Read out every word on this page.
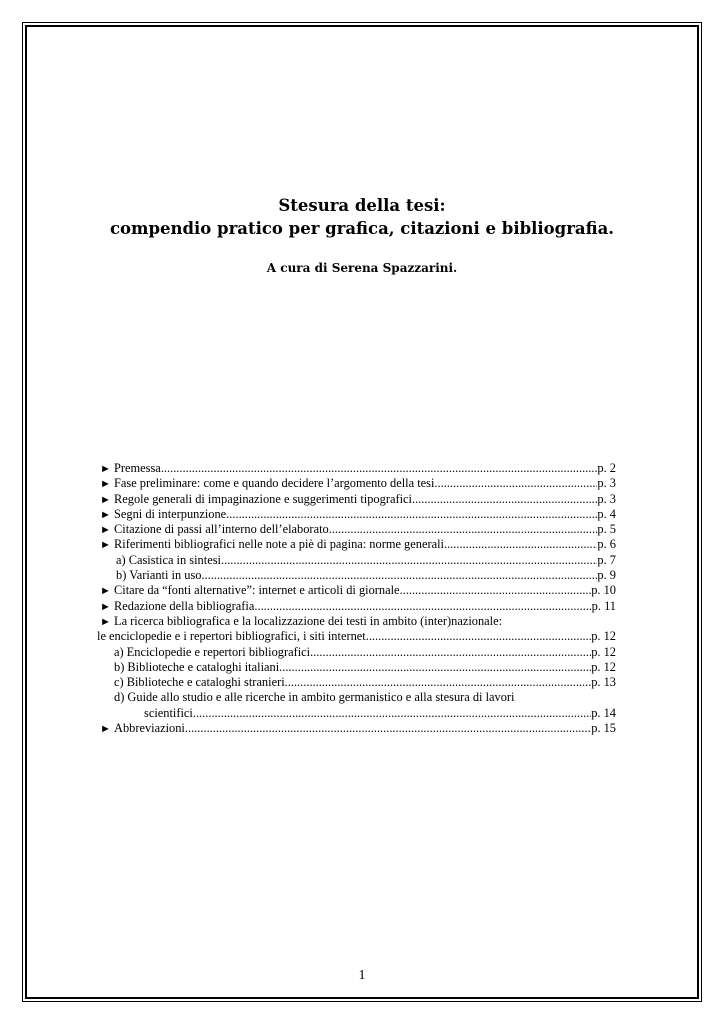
Stesura della tesi:
compendio pratico per grafica, citazioni e bibliografia.
A cura di Serena Spazzarini.
► Premessa .....	p. 2
► Fase preliminare: come e quando decidere l’argomento della tesi .....	p. 3
► Regole generali di impaginazione e suggerimenti tipografici .....	p. 3
► Segni di interpunzione .....	p. 4
► Citazione di passi all’interno dell’elaborato .....	p. 5
► Riferimenti bibliografici nelle note a piè di pagina: norme generali .....	p. 6
a) Casistica in sintesi .....	p. 7
b) Varianti in uso .....	p. 9
► Citare da “fonti alternative”: internet e articoli di giornale .....	p. 10
► Redazione della bibliografia .....	p. 11
► La ricerca bibliografica e la localizzazione dei testi in ambito (inter)nazionale:
le enciclopedie e i repertori bibliografici, i siti internet .....	p. 12
a) Enciclopedie e repertori bibliografici .....	p. 12
b) Biblioteche e cataloghi italiani .....	p. 12
c) Biblioteche e cataloghi stranieri .....	p. 13
d) Guide allo studio e alle ricerche in ambito germanistico e alla stesura di lavori
scientifici .....	p. 14
► Abbreviazioni .....	p. 15
1
